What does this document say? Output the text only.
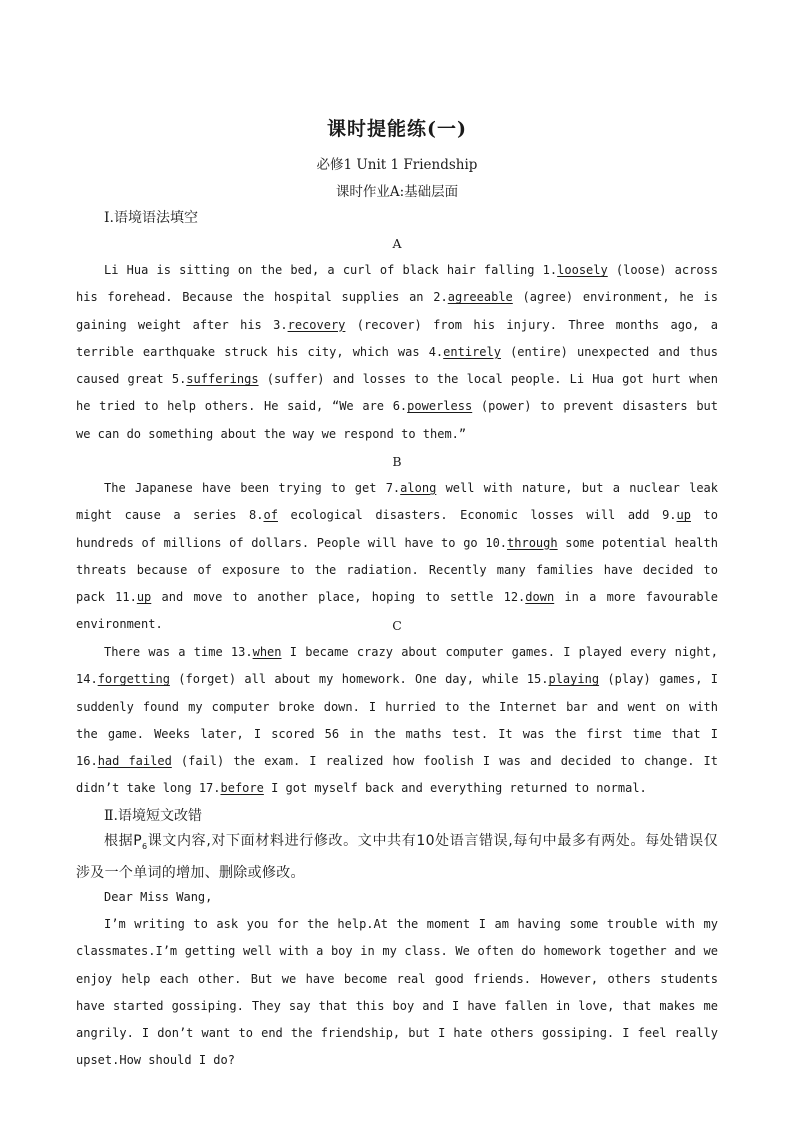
课时提能练(一)
必修1 Unit 1 Friendship
课时作业A:基础层面
Ⅰ.语境语法填空
A

Li Hua is sitting on the bed, a curl of black hair falling 1.loosely (loose) across his forehead. Because the hospital supplies an 2.agreeable (agree) environment, he is gaining weight after his 3.recovery (recover) from his injury. Three months ago, a terrible earthquake struck his city, which was 4.entirely (entire) unexpected and thus caused great 5.sufferings (suffer) and losses to the local people. Li Hua got hurt when he tried to help others. He said, “We are 6.powerless (power) to prevent disasters but we can do something about the way we respond to them.”

B

The Japanese have been trying to get 7.along well with nature, but a nuclear leak might cause a series 8.of ecological disasters. Economic losses will add 9.up to hundreds of millions of dollars. People will have to go 10.through some potential health threats because of exposure to the radiation. Recently many families have decided to pack 11.up and move to another place, hoping to settle 12.down in a more favourable environment.	C

There was a time 13.when I became crazy about computer games. I played every night, 14.forgetting (forget) all about my homework. One day, while 15.playing (play) games, I suddenly found my computer broke down. I hurried to the Internet bar and went on with the game. Weeks later, I scored 56 in the maths test. It was the first time that I 16.had failed (fail) the exam. I realized how foolish I was and decided to change. It didn’t take long 17.before I got myself back and everything returned to normal.

Ⅱ.语境短文改错

根据$P_6$课文内容,对下面材料进行修改。文中共有10处语言错误,每句中最多有两处。每处错误仅涉及一个单词的增加、删除或修改。

Dear Miss Wang,

I’m writing to ask you for the help.At the moment I am having some trouble with my classmates.I’m getting well with a boy in my class. We often do homework together and we enjoy help each other. But we have become real good friends. However, others students have started gossiping. They say that this boy and I have fallen in love, that makes me angrily. I don’t want to end the friendship, but I hate others gossiping. I feel really upset.How should I do?
